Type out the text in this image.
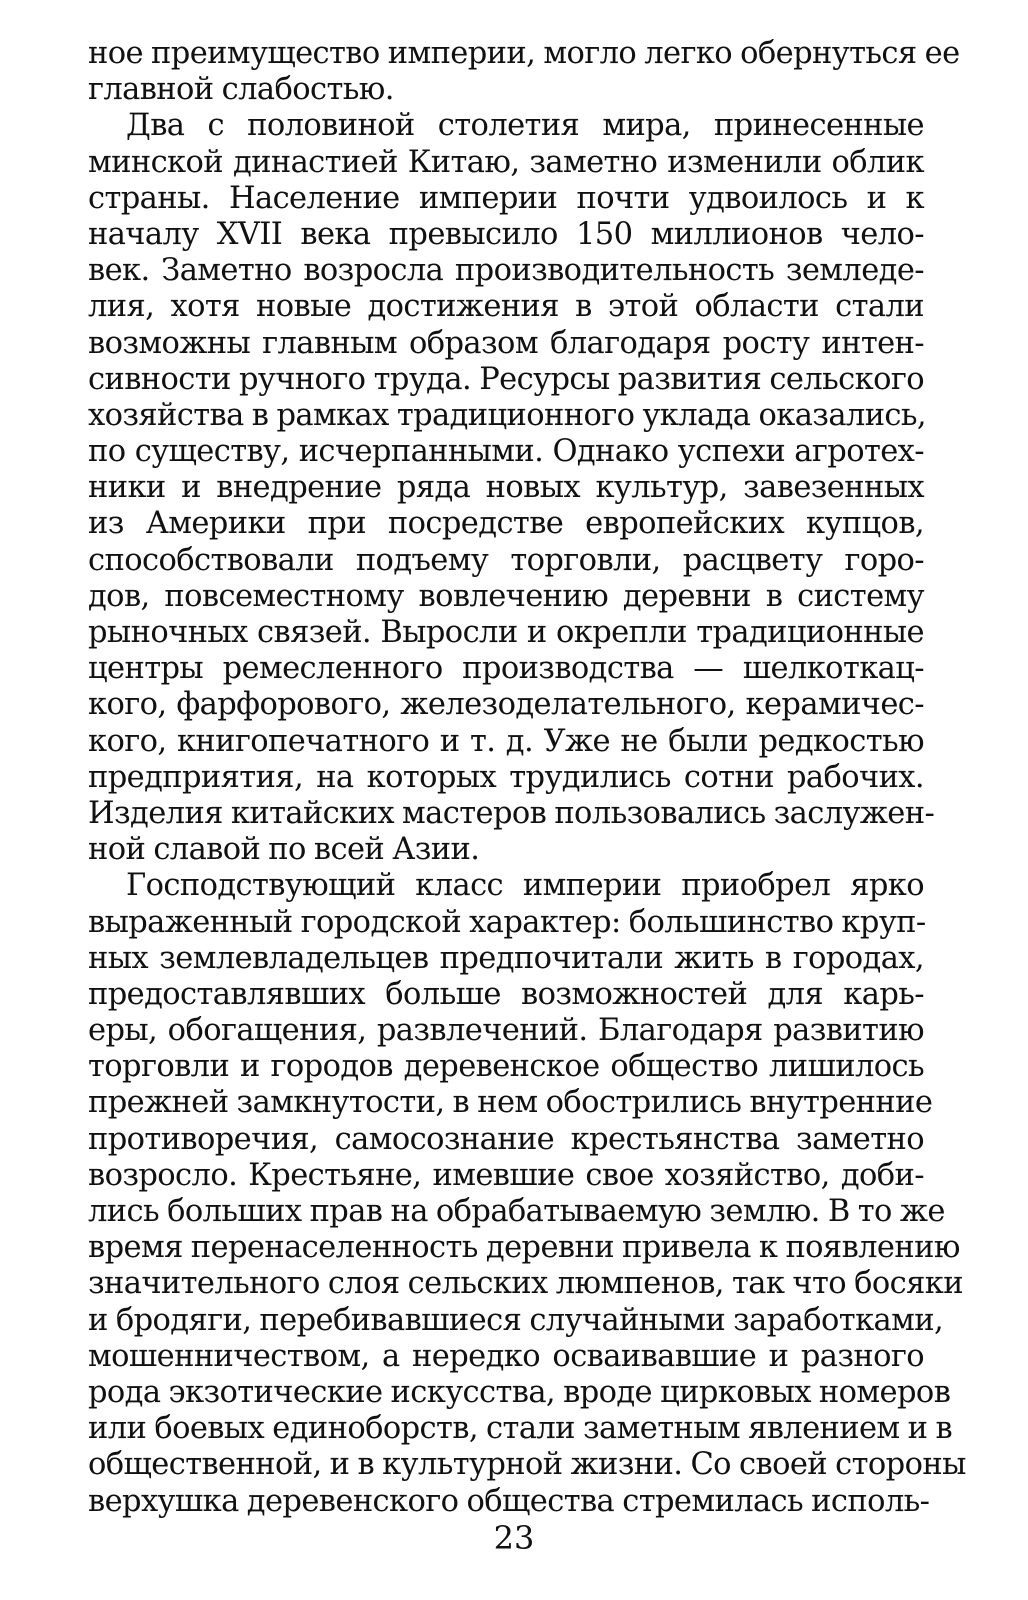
ное преимущество империи, могло легко обернуться ее
главной слабостью.
Два с половиной столетия мира, принесенные
минской династией Китаю, заметно изменили облик
страны. Население империи почти удвоилось и к
началу XVII века превысило 150 миллионов чело-
век. Заметно возросла производительность земледе-
лия, хотя новые достижения в этой области стали
возможны главным образом благодаря росту интен-
сивности ручного труда. Ресурсы развития сельского
хозяйства в рамках традиционного уклада оказались,
по существу, исчерпанными. Однако успехи агротех-
ники и внедрение ряда новых культур, завезенных
из Америки при посредстве европейских купцов,
способствовали подъему торговли, расцвету горо-
дов, повсеместному вовлечению деревни в систему
рыночных связей. Выросли и окрепли традиционные
центры ремесленного производства — шелкоткац-
кого, фарфорового, железоделательного, керамичес-
кого, книгопечатного и т. д. Уже не были редкостью
предприятия, на которых трудились сотни рабочих.
Изделия китайских мастеров пользовались заслужен-
ной славой по всей Азии.
Господствующий класс империи приобрел ярко
выраженный городской характер: большинство круп-
ных землевладельцев предпочитали жить в городах,
предоставлявших больше возможностей для карь-
еры, обогащения, развлечений. Благодаря развитию
торговли и городов деревенское общество лишилось
прежней замкнутости, в нем обострились внутренние
противоречия, самосознание крестьянства заметно
возросло. Крестьяне, имевшие свое хозяйство, доби-
лись больших прав на обрабатываемую землю. В то же
время перенаселенность деревни привела к появлению
значительного слоя сельских люмпенов, так что босяки
и бродяги, перебивавшиеся случайными заработками,
мошенничеством, а нередко осваивавшие и разного
рода экзотические искусства, вроде цирковых номеров
или боевых единоборств, стали заметным явлением и в
общественной, и в культурной жизни. Со своей стороны
верхушка деревенского общества стремилась исполь-
23
